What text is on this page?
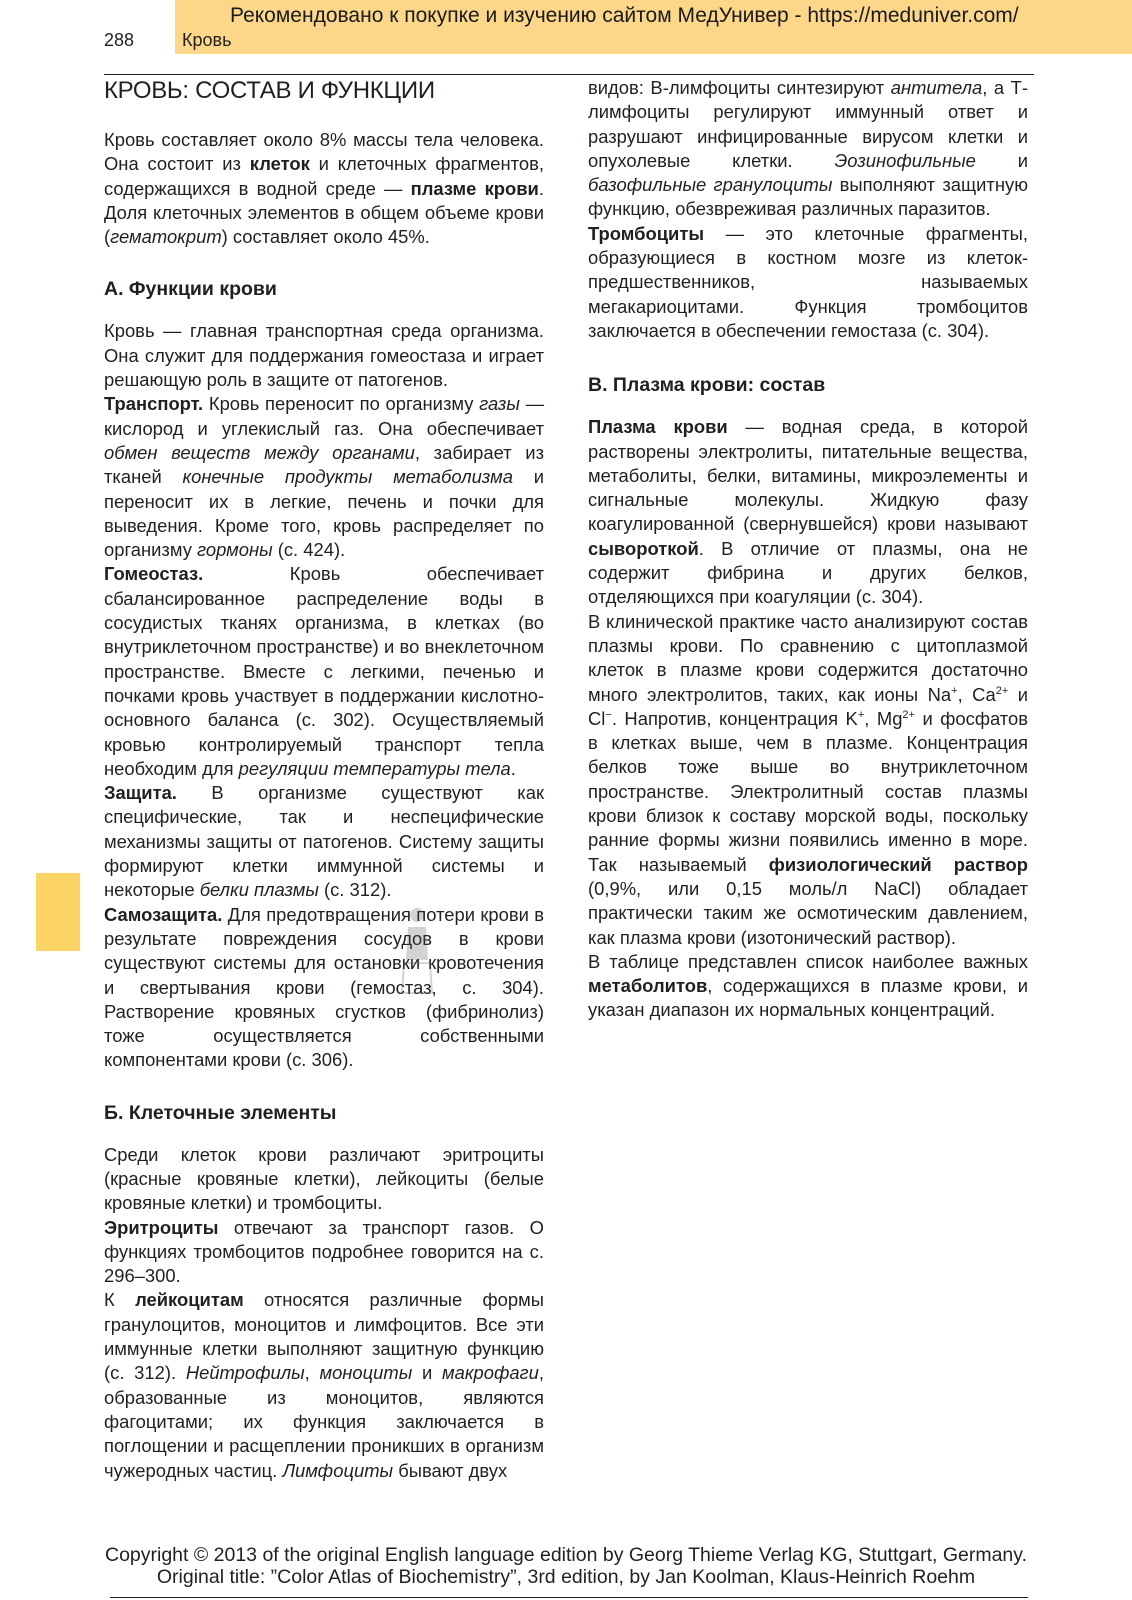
Рекомендовано к покупке и изучению сайтом МедУнивер - https://meduniver.com/
288	Кровь
КРОВЬ: СОСТАВ И ФУНКЦИИ

Кровь составляет около 8% массы тела человека. Она состоит из клеток и клеточных фрагментов, содержащихся в водной среде — плазме крови. Доля клеточных элементов в общем объеме крови (гематокрит) составляет около 45%.

А. Функции крови

Кровь — главная транспортная среда организма. Она служит для поддержания гомеостаза и играет решающую роль в защите от патогенов.

Транспорт. Кровь переносит по организму газы — кислород и углекислый газ. Она обеспечивает обмен веществ между органами, забирает из тканей конечные продукты метаболизма и переносит их в легкие, печень и почки для выведения. Кроме того, кровь распределяет по организму гормоны (с. 424).

Гомеостаз. Кровь обеспечивает сбалансированное распределение воды в сосудистых тканях организма, в клетках (во внутриклеточном пространстве) и во внеклеточном пространстве. Вместе с легкими, печенью и почками кровь участвует в поддержании кислотно-основного баланса (с. 302). Осуществляемый кровью контролируемый транспорт тепла необходим для регуляции температуры тела.

Защита. В организме существуют как специфические, так и неспецифические механизмы защиты от патогенов. Систему защиты формируют клетки иммунной системы и некоторые белки плазмы (с. 312).

Самозащита. Для предотвращения потери крови в результате повреждения сосудов в крови существуют системы для остановки кровотечения и свертывания крови (гемостаз, с. 304). Растворение кровяных сгустков (фибринолиз) тоже осуществляется собственными компонентами крови (с. 306).

Б. Клеточные элементы

Среди клеток крови различают эритроциты (красные кровяные клетки), лейкоциты (белые кровяные клетки) и тромбоциты.

Эритроциты отвечают за транспорт газов. О функциях тромбоцитов подробнее говорится на с. 296–300.

К лейкоцитам относятся различные формы гранулоцитов, моноцитов и лимфоцитов. Все эти иммунные клетки выполняют защитную функцию (с. 312). Нейтрофилы, моноциты и макрофаги, образованные из моноцитов, являются фагоцитами; их функция заключается в поглощении и расщеплении проникших в организм чужеродных частиц. Лимфоциты бывают двух

видов: В-лимфоциты синтезируют антитела, а Т-лимфоциты регулируют иммунный ответ и разрушают инфицированные вирусом клетки и опухолевые клетки. Эозинофильные и базофильные гранулоциты выполняют защитную функцию, обезвреживая различных паразитов.

Тромбоциты — это клеточные фрагменты, образующиеся в костном мозге из клеток-предшественников, называемых мегакариоцитами. Функция тромбоцитов заключается в обеспечении гемостаза (с. 304).

В. Плазма крови: состав

Плазма крови — водная среда, в которой растворены электролиты, питательные вещества, метаболиты, белки, витамины, микроэлементы и сигнальные молекулы. Жидкую фазу коагулированной (свернувшейся) крови называют сывороткой. В отличие от плазмы, она не содержит фибрина и других белков, отделяющихся при коагуляции (с. 304).

В клинической практике часто анализируют состав плазмы крови. По сравнению с цитоплазмой клеток в плазме крови содержится достаточно много электролитов, таких, как ионы Na+, $Ca^{2+}$ и Cl−. Напротив, концентрация K+, $Mg^{2+}$ и фосфатов в клетках выше, чем в плазме. Концентрация белков тоже выше во внутриклеточном пространстве. Электролитный состав плазмы крови близок к составу морской воды, поскольку ранние формы жизни появились именно в море. Так называемый физиологический раствор (0,9%, или 0,15 моль/л NaCl) обладает практически таким же осмотическим давлением, как плазма крови (изотонический раствор).

В таблице представлен список наиболее важных метаболитов, содержащихся в плазме крови, и указан диапазон их нормальных концентраций.

Copyright © 2013 of the original English language edition by Georg Thieme Verlag KG, Stuttgart, Germany.
Original title: ”Color Atlas of Biochemistry”, 3rd edition, by Jan Koolman, Klaus-Heinrich Roehm
